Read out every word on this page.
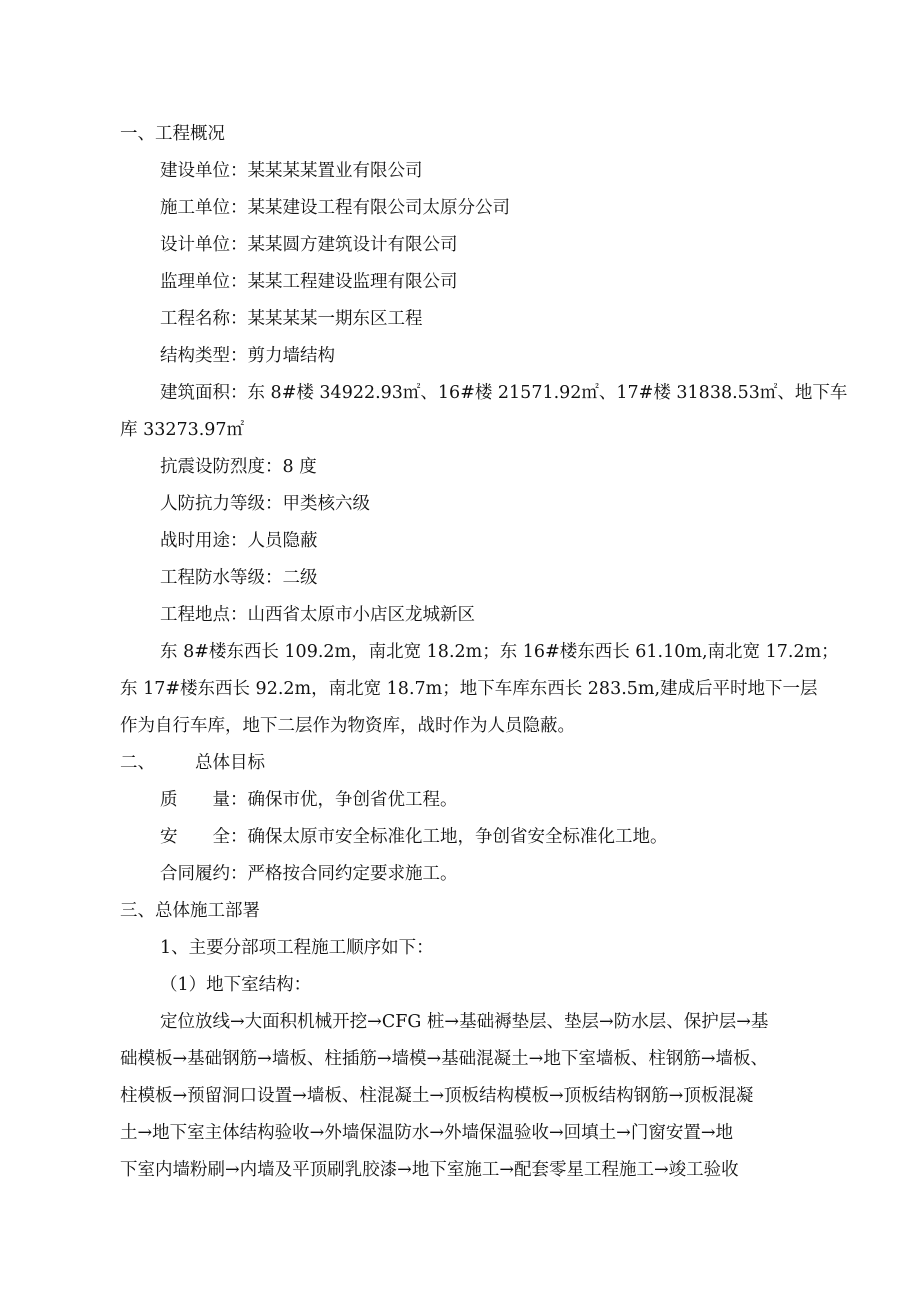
一、工程概况
建设单位：某某某某置业有限公司
施工单位：某某建设工程有限公司太原分公司
设计单位：某某圆方建筑设计有限公司
监理单位：某某工程建设监理有限公司
工程名称：某某某某一期东区工程
结构类型：剪力墙结构
建筑面积：东 8#楼 34922.93㎡、16#楼 21571.92㎡、17#楼 31838.53㎡、地下车
库 33273.97㎡
抗震设防烈度：8 度
人防抗力等级：甲类核六级
战时用途：人员隐蔽
工程防水等级：二级
工程地点：山西省太原市小店区龙城新区
东 8#楼东西长 109.2m，南北宽 18.2m；东 16#楼东西长 61.10m,南北宽 17.2m；
东 17#楼东西长 92.2m，南北宽 18.7m；地下车库东西长 283.5m,建成后平时地下一层
作为自行车库，地下二层作为物资库，战时作为人员隐蔽。
二、 总体目标
质　　量：确保市优，争创省优工程。
安　　全：确保太原市安全标准化工地，争创省安全标准化工地。
合同履约：严格按合同约定要求施工。
三、总体施工部署
1、主要分部项工程施工顺序如下：
（1）地下室结构：
定位放线→大面积机械开挖→CFG 桩→基础褥垫层、垫层→防水层、保护层→基
础模板→基础钢筋→墙板、柱插筋→墙模→基础混凝土→地下室墙板、柱钢筋→墙板、
柱模板→预留洞口设置→墙板、柱混凝土→顶板结构模板→顶板结构钢筋→顶板混凝
土→地下室主体结构验收→外墙保温防水→外墙保温验收→回填土→门窗安置→地
下室内墙粉刷→内墙及平顶刷乳胶漆→地下室施工→配套零星工程施工→竣工验收
